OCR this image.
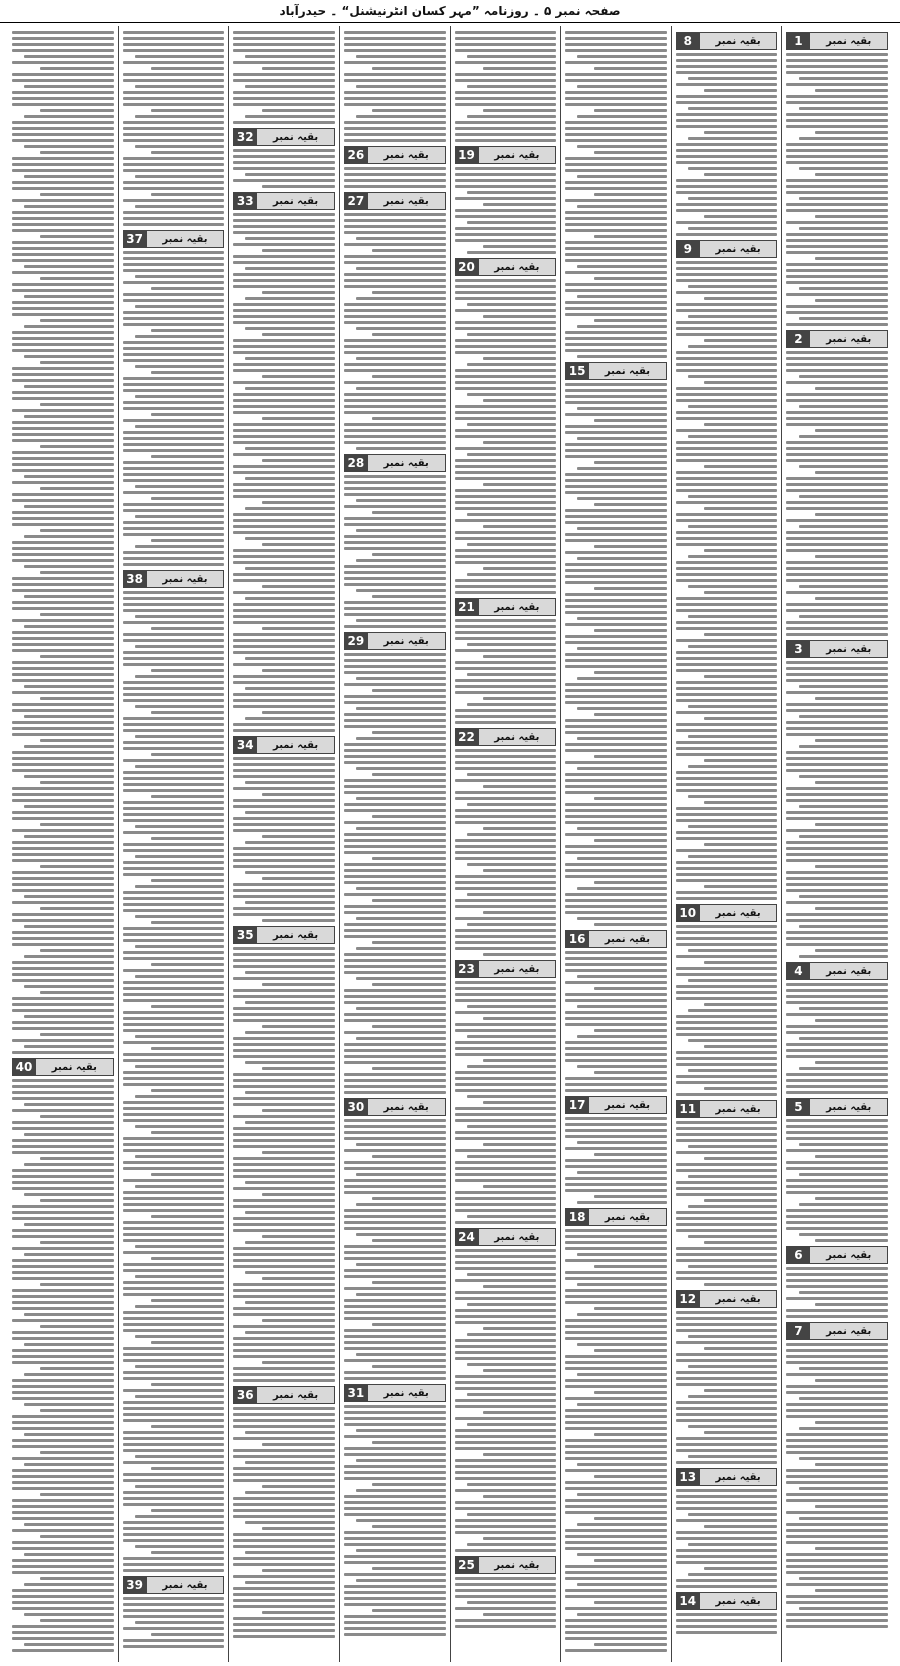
صفحہ نمبر ۵ ۔ روزنامہ ”مہر کسان انٹرنیشنل“ ۔ حیدرآباد
1	بقیہ نمبر
2	بقیہ نمبر
3	بقیہ نمبر
4	بقیہ نمبر
5	بقیہ نمبر
6	بقیہ نمبر
7	بقیہ نمبر
8	بقیہ نمبر
9	بقیہ نمبر
10	بقیہ نمبر
11	بقیہ نمبر
12	بقیہ نمبر
13	بقیہ نمبر
14	بقیہ نمبر
15	بقیہ نمبر
16	بقیہ نمبر
17	بقیہ نمبر
18	بقیہ نمبر
19	بقیہ نمبر
20	بقیہ نمبر
21	بقیہ نمبر
22	بقیہ نمبر
23	بقیہ نمبر
24	بقیہ نمبر
25	بقیہ نمبر
26	بقیہ نمبر
27	بقیہ نمبر
28	بقیہ نمبر
29	بقیہ نمبر
30	بقیہ نمبر
31	بقیہ نمبر
32	بقیہ نمبر
33	بقیہ نمبر
34	بقیہ نمبر
35	بقیہ نمبر
36	بقیہ نمبر
37	بقیہ نمبر
38	بقیہ نمبر
39	بقیہ نمبر
40	بقیہ نمبر
